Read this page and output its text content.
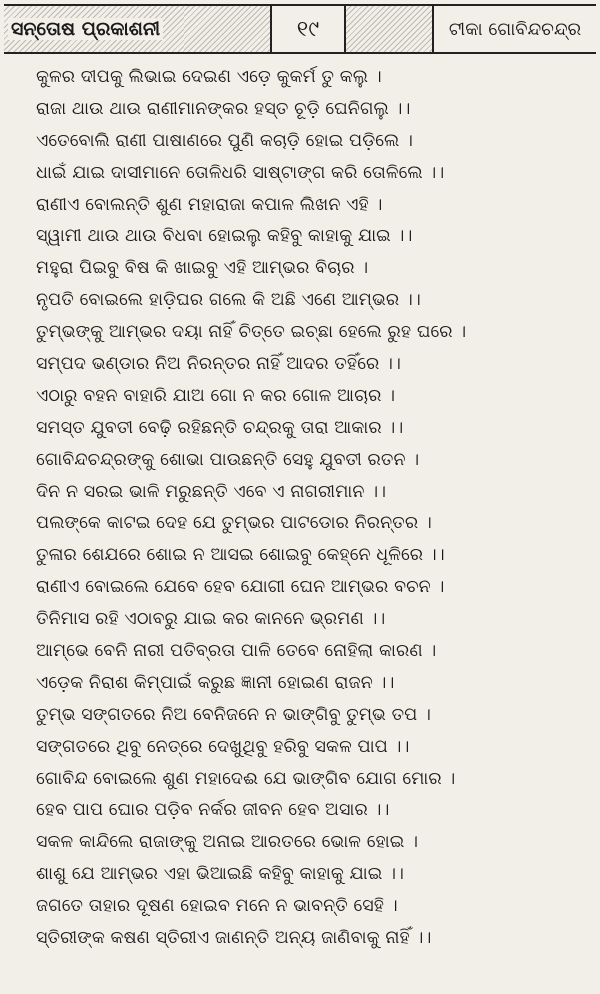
ସନ୍ତୋଷ ପ୍ରକାଶନୀ	୧୯	ଟୀକା ଗୋବିନ୍ଦଚନ୍ଦ୍ର
କୁଳର ଦୀପକୁ ଲିଭାଇ ଦେଇଣ ଏଡ଼େ କୁକର୍ମ ତୁ କଲୁ ।
ରାଜା ଥାଉ ଥାଉ ରାଣୀମାନଙ୍କର ହସ୍ତ ଚୂଡ଼ି ଘେନିଗଲୁ ।।
ଏତେବୋଲି ରାଣୀ ପାଷାଣରେ ପୁଣି କଚାଡ଼ି ହୋଇ ପଡ଼ିଲେ ।
ଧାଇଁ ଯାଇ ଦାସୀମାନେ ତୋଳିଧରି ସାଷ୍ଟାଙ୍ଗ କରି ତୋଳିଲେ ।।
ରାଣୀଏ ବୋଲନ୍ତି ଶୁଣ ମହାରାଜା କପାଳ ଲିଖନ ଏହି ।
ସ୍ୱାମୀ ଥାଉ ଥାଉ ବିଧବା ହୋଇଲୁ କହିବୁ କାହାକୁ ଯାଇ ।।
ମହୁରା ପିଇବୁ ବିଷ କି ଖାଇବୁ ଏହି ଆମ୍ଭର ବିଚାର ।
ନୃପତି ବୋଇଲେ ହାଡ଼ିଘର ଗଲେ କି ଅଛି ଏଣେ ଆମ୍ଭର ।।
ତୁମ୍ଭଙ୍କୁ ଆମ୍ଭର ଦୟା ନାହିଁ ଚିତ୍ତେ ଇଚ୍ଛା ହେଲେ ରୁହ ଘରେ ।
ସମ୍ପଦ ଭଣ୍ଡାର ନିଅ ନିରନ୍ତର ନାହିଁ ଆଦର ତହିଁରେ ।।
ଏଠାରୁ ବହନ ବାହାରି ଯାଅ ଗୋ ନ କର ଗୋଳ ଆଚାର ।
ସମସ୍ତ ଯୁବତୀ ବେଢ଼ି ରହିଛନ୍ତି ଚନ୍ଦ୍ରକୁ ତାରା ଆକାର ।।
ଗୋବିନ୍ଦଚନ୍ଦ୍ରଙ୍କୁ ଶୋଭା ପାଉଛନ୍ତି ସେହୁ ଯୁବତୀ ରତନ ।
ଦିନ ନ ସରଇ ଭାଳି ମରୁଛନ୍ତି ଏବେ ଏ ନାଗରୀମାନ ।।
ପଲଙ୍କେ କାଟଇ ଦେହ ଯେ ତୁମ୍ଭର ପାଟଡୋର ନିରନ୍ତର ।
ତୁଳାର ଶେଯରେ ଶୋଇ ନ ଆସଇ ଶୋଇବୁ କେହ୍ନେ ଧୂଳିରେ ।।
ରାଣୀଏ ବୋଇଲେ ଯେବେ ହେବ ଯୋଗୀ ଘେନ ଆମ୍ଭର ବଚନ ।
ତିନିମାସ ରହି ଏଠାବରୁ ଯାଇ କର କାନନେ ଭ୍ରମଣ ।।
ଆମ୍ଭେ ବେନି ନାରୀ ପତିବ୍ରତା ପାଳି ତେବେ ନୋହିଲା କାରଣ ।
ଏଡ଼େକ ନିରାଶ କିମ୍ପାଇଁ କରୁଛ ଜ୍ଞାନୀ ହୋଇଣ ରାଜନ ।।
ତୁମ୍ଭ ସଙ୍ଗତରେ ନିଅ ବେନିଜନେ ନ ଭାଙ୍ଗିବୁ ତୁମ୍ଭ ତପ ।
ସଙ୍ଗତରେ ଥିବୁ ନେତ୍ରେ ଦେଖୁଥିବୁ ହରିବୁ ସକଳ ପାପ ।।
ଗୋବିନ୍ଦ ବୋଇଲେ ଶୁଣ ମହାଦେଈ ଯେ ଭାଙ୍ଗିବ ଯୋଗ ମୋର ।
ହେବ ପାପ ଘୋର ପଡ଼ିବ ନର୍କର ଜୀବନ ହେବ ଅସାର ।।
ସକଳ କାନ୍ଦିଲେ ରାଜାଙ୍କୁ ଅନାଇ ଆରତରେ ଭୋଳ ହୋଇ ।
ଶାଶୁ ଯେ ଆମ୍ଭର ଏହା ଭିଆଇଛି କହିବୁ କାହାକୁ ଯାଇ ।।
ଜଗତେ ତାହାର ଦୂଷଣ ହୋଇବ ମନେ ନ ଭାବନ୍ତି ସେହି ।
ସ୍ତିରୀଙ୍କ କଷଣ ସ୍ତିରୀଏ ଜାଣନ୍ତି ଅନ୍ୟ ଜାଣିବାକୁ ନାହିଁ ।।
